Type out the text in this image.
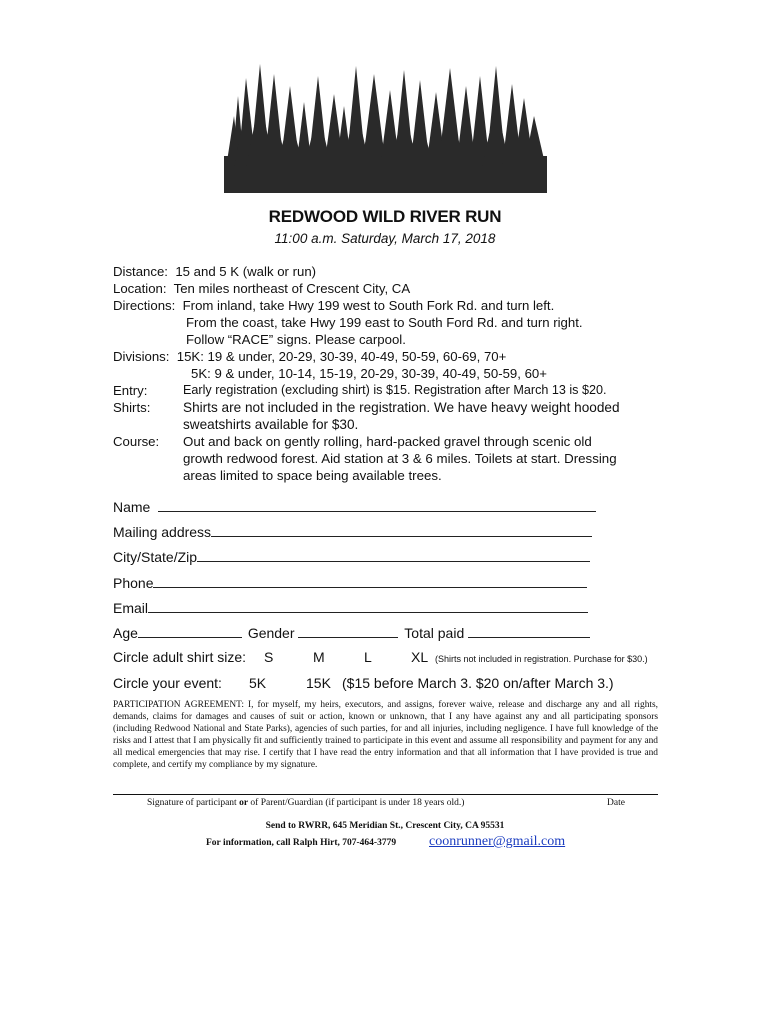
REDWOOD WILD RIVER RUN
11:00 a.m. Saturday, March 17, 2018
Distance: 15 and 5 K (walk or run)
Location: Ten miles northeast of Crescent City, CA
Directions: From inland, take Hwy 199 west to South Fork Rd. and turn left.
From the coast, take Hwy 199 east to South Ford Rd. and turn right.
Follow “RACE” signs. Please carpool.
Divisions: 15K: 19 & under, 20-29, 30-39, 40-49, 50-59, 60-69, 70+
5K: 9 & under, 10-14, 15-19, 20-29, 30-39, 40-49, 50-59, 60+
Entry:	Early registration (excluding shirt) is $15. Registration after March 13 is $20.
Shirts: Shirts are not included in the registration. We have heavy weight hooded
sweatshirts available for $30.
Course: Out and back on gently rolling, hard-packed gravel through scenic old
growth redwood forest. Aid station at 3 & 6 miles. Toilets at start. Dressing
areas limited to space being available trees.
Name
Mailing address
City/State/Zip
Phone
Email
Age	Gender	Total paid
Circle adult shirt size: S	M	L	XL (Shirts not included in registration. Purchase for $30.)
Circle your event: 5K	15K ($15 before March 3. $20 on/after March 3.)
PARTICIPATION AGREEMENT: I, for myself, my heirs, executors, and assigns, forever waive, release and discharge any and all rights, demands, claims for damages and causes of suit or action, known or unknown, that I any have against any and all participating sponsors (including Redwood National and State Parks), agencies of such parties, for and all injuries, including negligence. I have full knowledge of the risks and I attest that I am physically fit and sufficiently trained to participate in this event and assume all responsibility and payment for any and all medical emergencies that may rise. I certify that I have read the entry information and that all information that I have provided is true and complete, and certify my compliance by my signature.
Signature of participant or of Parent/Guardian (if participant is under 18 years old.)	Date
Send to RWRR, 645 Meridian St., Crescent City, CA 95531
For information, call Ralph Hirt, 707-464-3779 coonrunner@gmail.com
